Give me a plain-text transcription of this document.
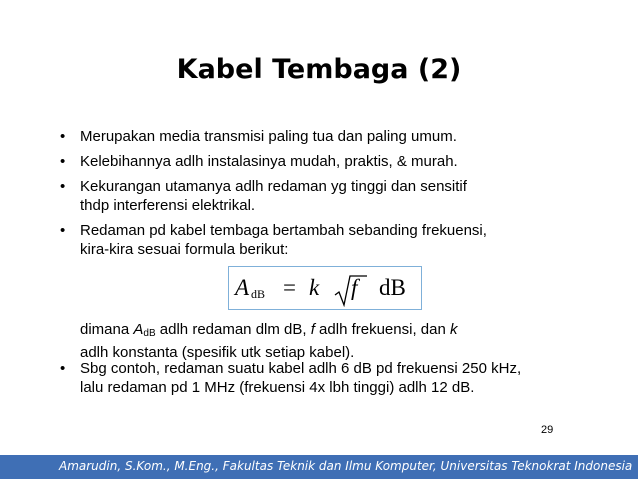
Kabel Tembaga (2)
• Merupakan media transmisi paling tua dan paling umum.
• Kelebihannya adlh instalasinya mudah, praktis, & murah.
• Kekurangan utamanya adlh redaman yg tinggi dan sensitif
thdp interferensi elektrikal.
• Redaman pd kabel tembaga bertambah sebanding frekuensi,
kira-kira sesuai formula berikut:
A dB = k f dB
dimana AdB adlh redaman dlm dB, f adlh frekuensi, dan k
adlh konstanta (spesifik utk setiap kabel).
• Sbg contoh, redaman suatu kabel adlh 6 dB pd frekuensi 250 kHz,
lalu redaman pd 1 MHz (frekuensi 4x lbh tinggi) adlh 12 dB.
29
Amarudin, S.Kom., M.Eng., Fakultas Teknik dan Ilmu Komputer, Universitas Teknokrat Indonesia
